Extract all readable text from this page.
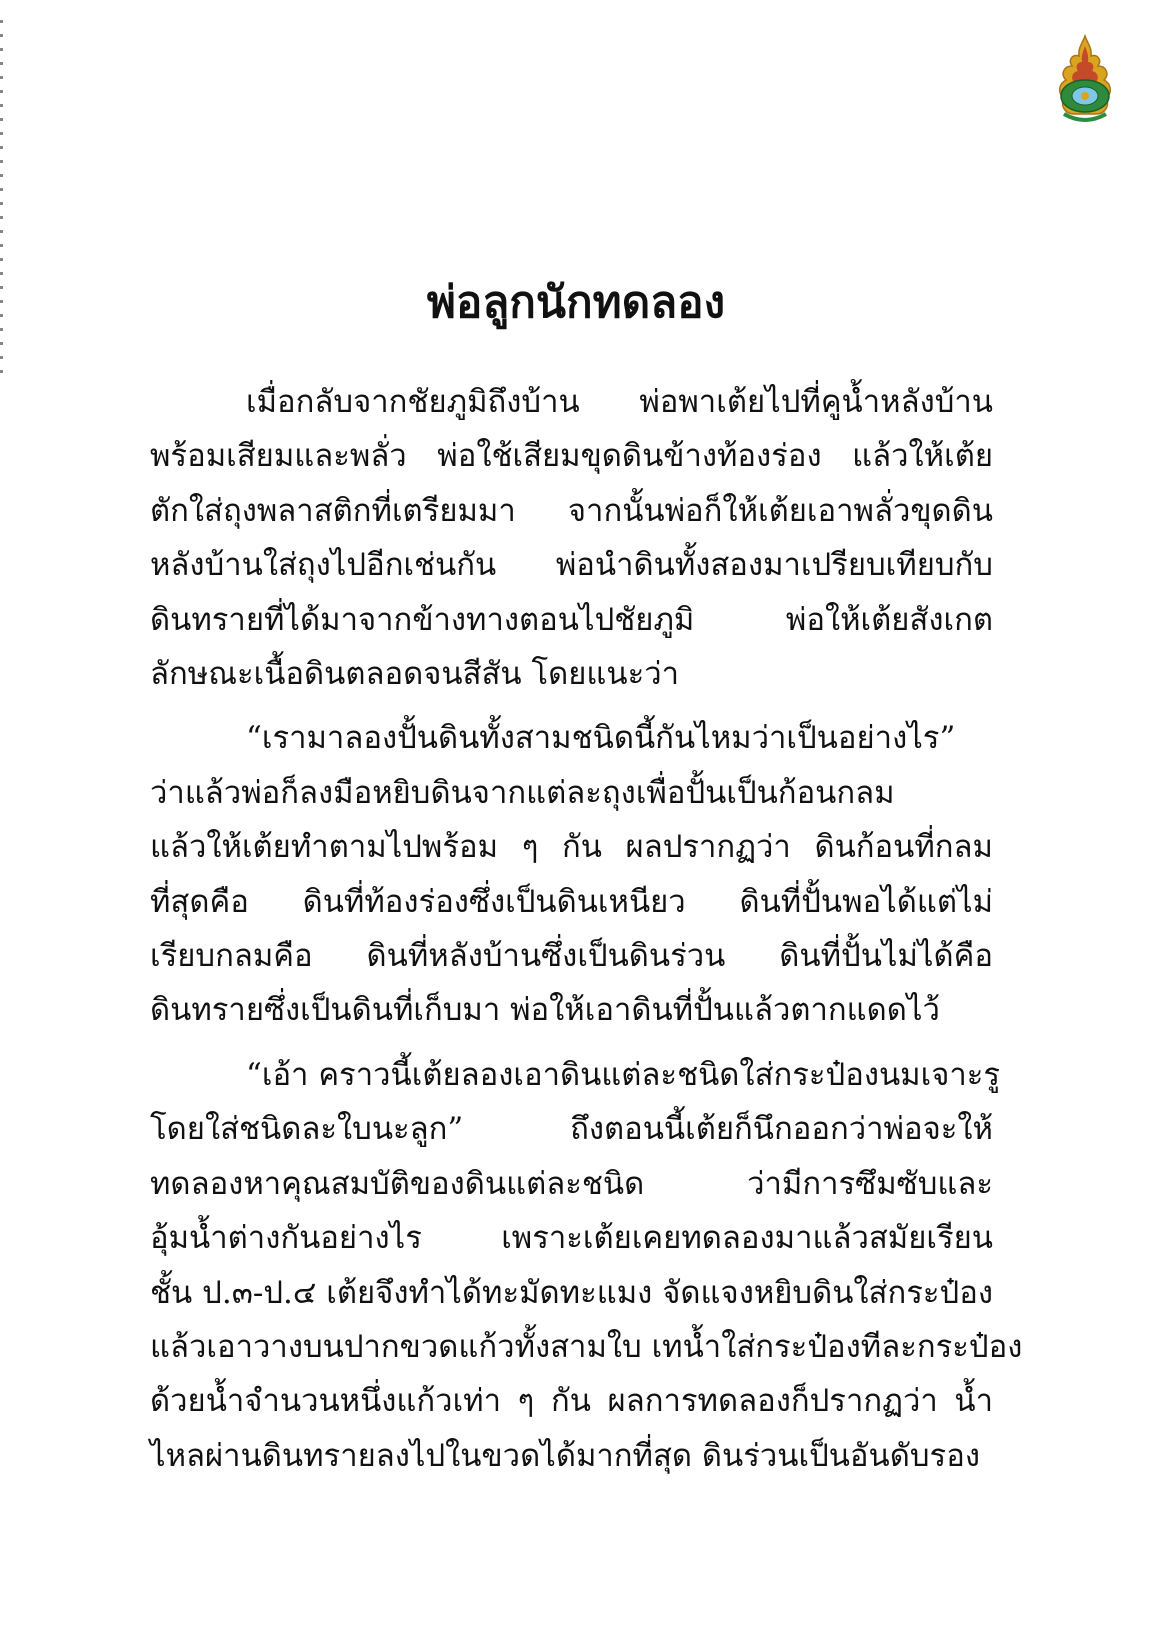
พ่อลูกนักทดลอง

เมื่อกลับจากชัยภูมิถึงบ้าน พ่อพาเต้ยไปที่คูน้ำหลังบ้าน
พร้อมเสียมและพลั่ว พ่อใช้เสียมขุดดินข้างท้องร่อง แล้วให้เต้ย
ตักใส่ถุงพลาสติกที่เตรียมมา จากนั้นพ่อก็ให้เต้ยเอาพลั่วขุดดิน
หลังบ้านใส่ถุงไปอีกเช่นกัน พ่อนำดินทั้งสองมาเปรียบเทียบกับ
ดินทรายที่ได้มาจากข้างทางตอนไปชัยภูมิ พ่อให้เต้ยสังเกต
ลักษณะเนื้อดินตลอดจนสีสัน โดยแนะว่า

“เรามาลองปั้นดินทั้งสามชนิดนี้กันไหมว่าเป็นอย่างไร”
ว่าแล้วพ่อก็ลงมือหยิบดินจากแต่ละถุงเพื่อปั้นเป็นก้อนกลม
แล้วให้เต้ยทำตามไปพร้อม ๆ กัน ผลปรากฏว่า ดินก้อนที่กลม
ที่สุดคือ ดินที่ท้องร่องซึ่งเป็นดินเหนียว ดินที่ปั้นพอได้แต่ไม่
เรียบกลมคือ ดินที่หลังบ้านซึ่งเป็นดินร่วน ดินที่ปั้นไม่ได้คือ
ดินทรายซึ่งเป็นดินที่เก็บมา พ่อให้เอาดินที่ปั้นแล้วตากแดดไว้

“เอ้า คราวนี้เต้ยลองเอาดินแต่ละชนิดใส่กระป๋องนมเจาะรู
โดยใส่ชนิดละใบนะลูก” ถึงตอนนี้เต้ยก็นึกออกว่าพ่อจะให้
ทดลองหาคุณสมบัติของดินแต่ละชนิด ว่ามีการซึมซับและ
อุ้มน้ำต่างกันอย่างไร เพราะเต้ยเคยทดลองมาแล้วสมัยเรียน
ชั้น ป.๓-ป.๔ เต้ยจึงทำได้ทะมัดทะแมง จัดแจงหยิบดินใส่กระป๋อง
แล้วเอาวางบนปากขวดแก้วทั้งสามใบ เทน้ำใส่กระป๋องทีละกระป๋อง
ด้วยน้ำจำนวนหนึ่งแก้วเท่า ๆ กัน ผลการทดลองก็ปรากฏว่า น้ำ
ไหลผ่านดินทรายลงไปในขวดได้มากที่สุด ดินร่วนเป็นอันดับรอง
